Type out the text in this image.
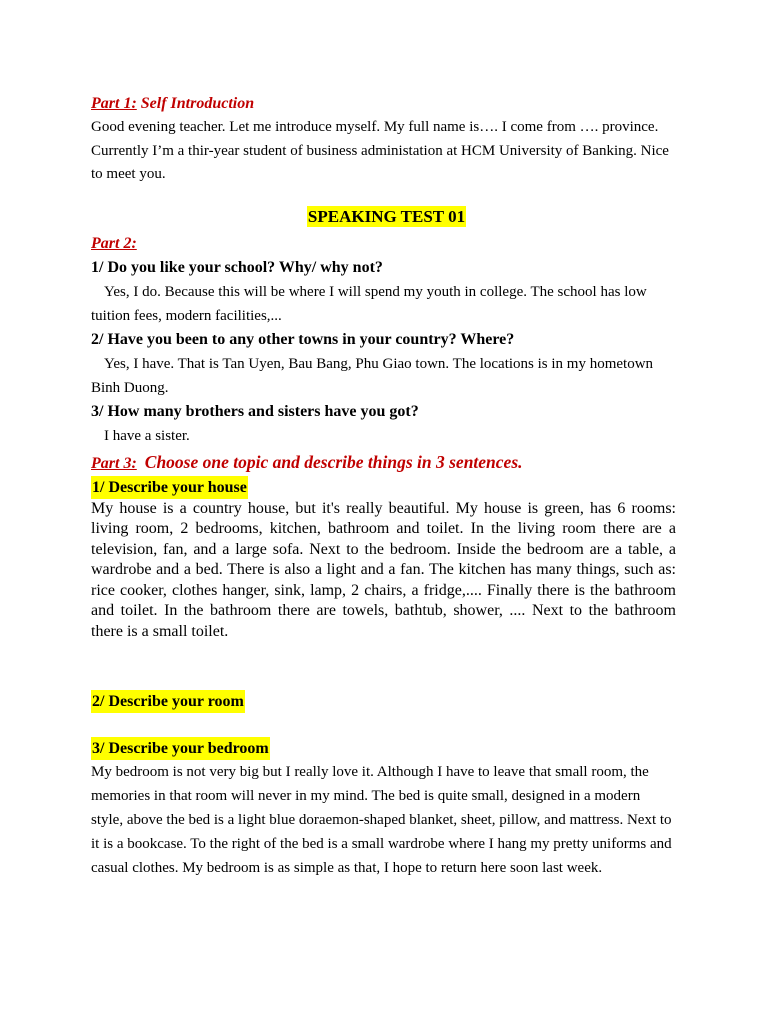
Part 1: Self Introduction

Good evening teacher. Let me introduce myself. My full name is…. I come from …. province. Currently I’m a thir-year student of business administation at HCM University of Banking. Nice to meet you.

SPEAKING TEST 01

Part 2:

1/ Do you like your school? Why/ why not?

Yes, I do. Because this will be where I will spend my youth in college. The school has low tuition fees, modern facilities,...

2/ Have you been to any other towns in your country? Where?

Yes, I have. That is Tan Uyen, Bau Bang, Phu Giao town. The locations is in my hometown Binh Duong.

3/ How many brothers and sisters have you got?

I have a sister.

Part 3: Choose one topic and describe things in 3 sentences.

1/ Describe your house

My house is a country house, but it's really beautiful. My house is green, has 6 rooms: living room, 2 bedrooms, kitchen, bathroom and toilet. In the living room there are a television, fan, and a large sofa. Next to the bedroom. Inside the bedroom are a table, a wardrobe and a bed. There is also a light and a fan. The kitchen has many things, such as: rice cooker, clothes hanger, sink, lamp, 2 chairs, a fridge,.... Finally there is the bathroom and toilet. In the bathroom there are towels, bathtub, shower, .... Next to the bathroom there is a small toilet.

2/ Describe your room
3/ Describe your bedroom

My bedroom is not very big but I really love it. Although I have to leave that small room, the memories in that room will never in my mind. The bed is quite small, designed in a modern style, above the bed is a light blue doraemon-shaped blanket, sheet, pillow, and mattress. Next to it is a bookcase. To the right of the bed is a small wardrobe where I hang my pretty uniforms and casual clothes. My bedroom is as simple as that, I hope to return here soon last week.
